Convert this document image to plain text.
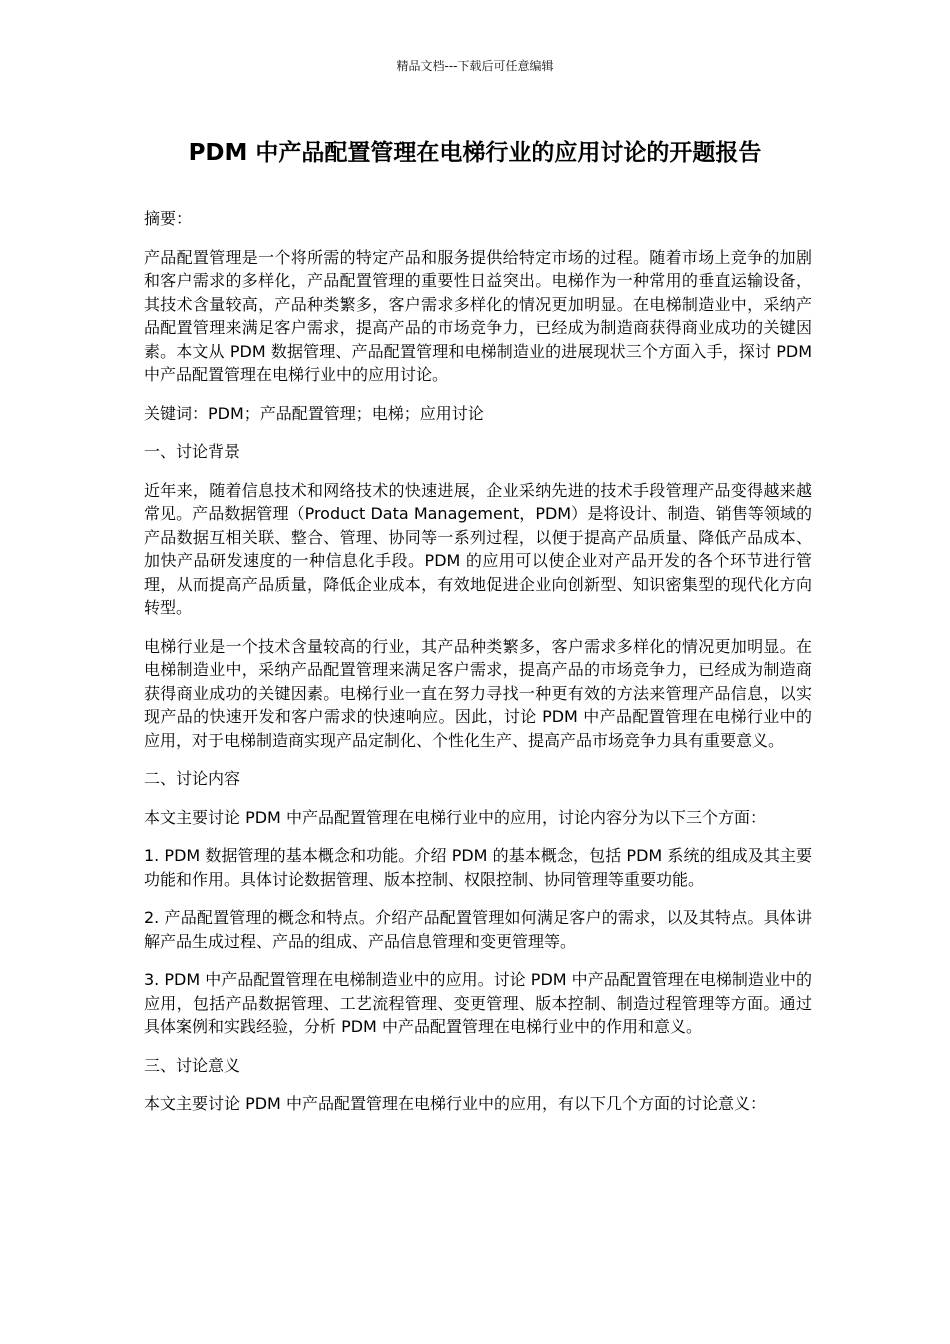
精品文档---下载后可任意编辑
PDM 中产品配置管理在电梯行业的应用讨论的开题报告

摘要：

产品配置管理是一个将所需的特定产品和服务提供给特定市场的过程。随着市场上竞争的加剧和客户需求的多样化，产品配置管理的重要性日益突出。电梯作为一种常用的垂直运输设备，其技术含量较高，产品种类繁多，客户需求多样化的情况更加明显。在电梯制造业中，采纳产品配置管理来满足客户需求，提高产品的市场竞争力，已经成为制造商获得商业成功的关键因素。本文从 PDM 数据管理、产品配置管理和电梯制造业的进展现状三个方面入手，探讨 PDM 中产品配置管理在电梯行业中的应用讨论。

关键词：PDM；产品配置管理；电梯；应用讨论

一、讨论背景

近年来，随着信息技术和网络技术的快速进展，企业采纳先进的技术手段管理产品变得越来越常见。产品数据管理（Product Data Management，PDM）是将设计、制造、销售等领域的产品数据互相关联、整合、管理、协同等一系列过程，以便于提高产品质量、降低产品成本、加快产品研发速度的一种信息化手段。PDM 的应用可以使企业对产品开发的各个环节进行管理，从而提高产品质量，降低企业成本，有效地促进企业向创新型、知识密集型的现代化方向转型。

电梯行业是一个技术含量较高的行业，其产品种类繁多，客户需求多样化的情况更加明显。在电梯制造业中，采纳产品配置管理来满足客户需求，提高产品的市场竞争力，已经成为制造商获得商业成功的关键因素。电梯行业一直在努力寻找一种更有效的方法来管理产品信息，以实现产品的快速开发和客户需求的快速响应。因此，讨论 PDM 中产品配置管理在电梯行业中的应用，对于电梯制造商实现产品定制化、个性化生产、提高产品市场竞争力具有重要意义。

二、讨论内容

本文主要讨论 PDM 中产品配置管理在电梯行业中的应用，讨论内容分为以下三个方面：

1. PDM 数据管理的基本概念和功能。介绍 PDM 的基本概念，包括 PDM 系统的组成及其主要功能和作用。具体讨论数据管理、版本控制、权限控制、协同管理等重要功能。

2. 产品配置管理的概念和特点。介绍产品配置管理如何满足客户的需求，以及其特点。具体讲解产品生成过程、产品的组成、产品信息管理和变更管理等。

3. PDM 中产品配置管理在电梯制造业中的应用。讨论 PDM 中产品配置管理在电梯制造业中的应用，包括产品数据管理、工艺流程管理、变更管理、版本控制、制造过程管理等方面。通过具体案例和实践经验，分析 PDM 中产品配置管理在电梯行业中的作用和意义。

三、讨论意义

本文主要讨论 PDM 中产品配置管理在电梯行业中的应用，有以下几个方面的讨论意义：
